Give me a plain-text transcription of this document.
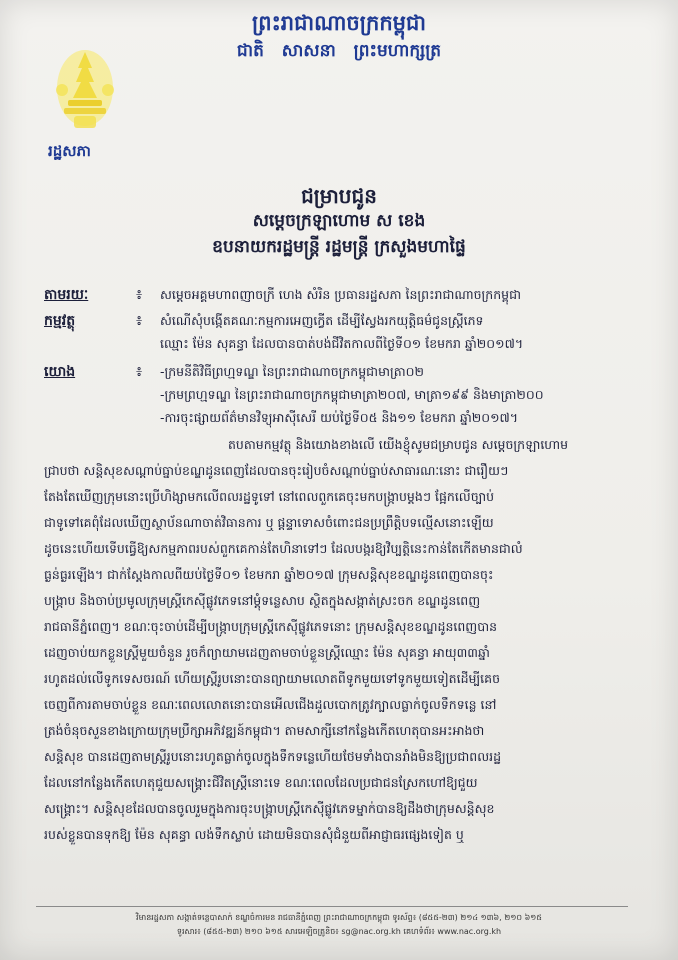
ព្រះរាជាណាចក្រកម្ពុជា
ជាតិ សាសនា ព្រះមហាក្សត្រ
រដ្ឋសភា
ជម្រាបជូន
សម្ដេចក្រឡាហោម ស ខេង
ឧបនាយករដ្ឋមន្ត្រី រដ្ឋមន្ត្រី ក្រសួងមហាផ្ទៃ
តាមរយៈ	៖ សម្ដេចអគ្គមហាពញាចក្រី ហេង សំរិន ប្រធានរដ្ឋសភា នៃព្រះរាជាណាចក្រកម្ពុជា
កម្មវត្ថុ	៖ សំណើសុំបង្កើតគណៈកម្មការអេញក្វើត ដើម្បីស្វែងរកយុត្តិធម៌ជូនស្ត្រីភេទ
ឈ្មោះ ម៉ែន សុគន្ធា ដែលបានបាត់បង់ជីវិតកាលពីថ្ងៃទី០១ ខែមករា ឆ្នាំ២០១៧។
យោង	៖ -ក្រមនីតិវិធីព្រហ្មទណ្ឌ នៃព្រះរាជាណាចក្រកម្ពុជាមាត្រា០២
-ក្រមព្រហ្មទណ្ឌ នៃព្រះរាជាណាចក្រកម្ពុជាមាត្រា២០៧, មាត្រា១៩៩ និងមាត្រា២០០
-ការចុះផ្សាយព័ត៌មានវិទ្យុអាស៊ីសេរី យប់ថ្ងៃទី០៥ និង១១ ខែមករា ឆ្នាំ២០១៧។
តបតាមកម្មវត្ថុ និងយោងខាងលើ យើងខ្ញុំសូមជម្រាបជូន សម្ដេចក្រឡាហោម
ជ្រាបថា សន្តិសុខសណ្ដាប់ធ្នាប់ខណ្ឌដូនពេញដែលបានចុះរៀបចំសណ្ដាប់ធ្នាប់សាធារណៈនោះ ជារឿយៗ
តែងតែឃើញក្រុមនោះប្រើហិង្សាមកលើពលរដ្ឋទូទៅ នៅពេលពួកគេចុះមកបង្ក្រាបម្ដងៗ ផ្អែកលើច្បាប់
ជាទូទៅគេពុំដែលឃើញស្ថាប័នណាចាត់វិធានការ ឬ ផ្ដន្ទាទោសចំពោះជនប្រព្រឹត្តិបទល្មើសនោះឡើយ
ដូចនេះហើយទើបធ្វើឱ្យសកម្មភាពរបស់ពួកគេកាន់តែហិនាទៅៗ ដែលបង្ករឱ្យវិប្បត្តិនេះកាន់តែកើតមានជាលំ
ធ្ងន់ធ្ងរឡើង។ ជាក់ស្ដែងកាលពីយប់ថ្ងៃទី០១ ខែមករា ឆ្នាំ២០១៧ ក្រុមសន្តិសុខខណ្ឌដូនពេញបានចុះ
បង្ក្រាប និងចាប់ប្រមូលក្រុមស្ត្រីកេស៊ីផ្លូវភេទនៅម្ដុំទន្លេសាប ស្ថិតក្នុងសង្កាត់ស្រះចក ខណ្ឌដូនពេញ
រាជធានីភ្នំពេញ។ ខណៈចុះចាប់ដើម្បីបង្ក្រាបក្រុមស្ត្រីកេស៊ីផ្លូវភេទនោះ ក្រុមសន្តិសុខខណ្ឌដូនពេញបាន
ដេញចាប់យកខ្លួនស្ត្រីមួយចំនួន រួចក៏ព្យាយាមដេញតាមចាប់ខ្លួនស្ត្រីឈ្មោះ ម៉ែន សុគន្ធា អាយុ៣៣ឆ្នាំ
រហូតដល់លើទូកទេសចរណ៍ ហើយស្ត្រីរូបនោះបានព្យាយាមលោតពីទូកមួយទៅទូកមួយទៀតដើម្បីគេច
ចេញពីការតាមចាប់ខ្លួន ខណៈពេលលោតនោះបានអើលជើងដួលបោកត្រូវក្បាលធ្លាក់ចូលទឹកទន្លេ នៅ
ត្រង់ចំនុចសួនខាងក្រោយក្រុមប្រឹក្សាអភិវឌ្ឍន៍កម្ពុជា។ តាមសាក្សីនៅកន្លែងកើតហេតុបានអះអាងថា
សន្តិសុខ បានដេញតាមស្ត្រីរូបនោះរហូតធ្លាក់ចូលក្នុងទឹកទន្លេហើយថែមទាំងបានរាំងមិនឱ្យប្រជាពលរដ្ឋ
ដែលនៅកន្លែងកើតហេតុជួយសង្គ្រោះជីវិតស្ត្រីនោះទេ ខណៈពេលដែលប្រជាជនស្រែកហៅឱ្យជួយ
សង្គ្រោះ។ សន្តិសុខដែលបានចូលរួមក្នុងការចុះបង្ក្រាបស្ត្រីកេស៊ីផ្លូវភេទម្នាក់បានឱ្យដឹងថាក្រុមសន្តិសុខ
របស់ខ្លួនបានទុកឱ្យ ម៉ែន សុគន្ធា លង់ទឹកស្លាប់ ដោយមិនបានសុំជំនួយពីអាជ្ញាធរផ្សេងទៀត ឬ
វិមានរដ្ឋសភា សង្កាត់ទន្លេបាសាក់ ខណ្ឌចំការមន រាជធានីភ្នំពេញ ព្រះរាជាណាចក្រកម្ពុជា ទូរស័ព្ទ៖ (៨៥៥-២៣) ២១៤ ១៣៦, ២១០ ៦១៥
ទូរសារ៖ (៨៥៥-២៣) ២១០ ៦១៥ សារអេឡិចត្រូនិច៖ sg@nac.org.kh គេហទំព័រ៖ www.nac.org.kh
